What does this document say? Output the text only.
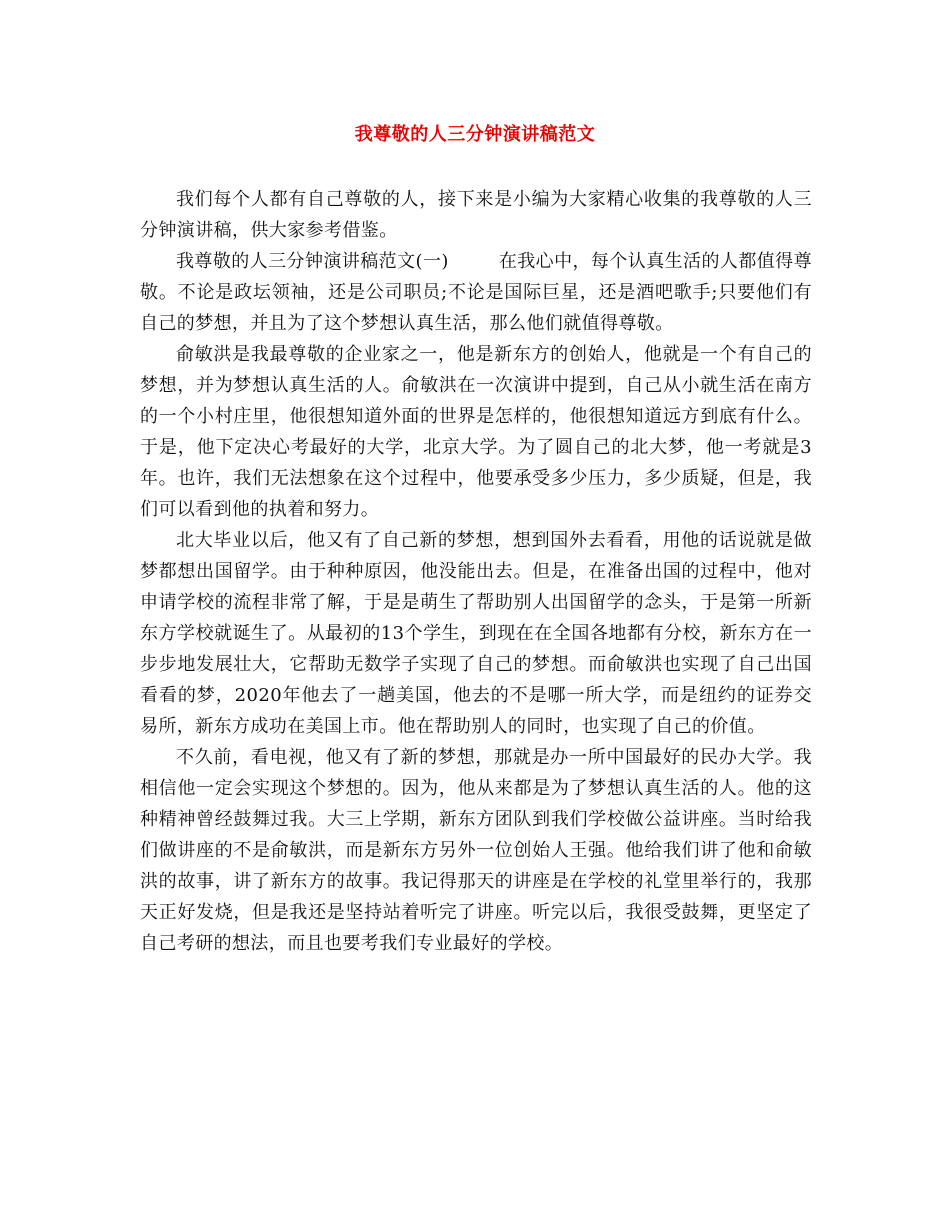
我尊敬的人三分钟演讲稿范文

我们每个人都有自己尊敬的人，接下来是小编为大家精心收集的我尊敬的人三分钟演讲稿，供大家参考借鉴。

我尊敬的人三分钟演讲稿范文(一)	在我心中，每个认真生活的人都值得尊敬。不论是政坛领袖，还是公司职员;不论是国际巨星，还是酒吧歌手;只要他们有自己的梦想，并且为了这个梦想认真生活，那么他们就值得尊敬。

俞敏洪是我最尊敬的企业家之一，他是新东方的创始人，他就是一个有自己的梦想，并为梦想认真生活的人。俞敏洪在一次演讲中提到，自己从小就生活在南方的一个小村庄里，他很想知道外面的世界是怎样的，他很想知道远方到底有什么。于是，他下定决心考最好的大学，北京大学。为了圆自己的北大梦，他一考就是3年。也许，我们无法想象在这个过程中，他要承受多少压力，多少质疑，但是，我们可以看到他的执着和努力。

北大毕业以后，他又有了自己新的梦想，想到国外去看看，用他的话说就是做梦都想出国留学。由于种种原因，他没能出去。但是，在准备出国的过程中，他对申请学校的流程非常了解，于是是萌生了帮助别人出国留学的念头，于是第一所新东方学校就诞生了。从最初的13个学生，到现在在全国各地都有分校，新东方在一步步地发展壮大，它帮助无数学子实现了自己的梦想。而俞敏洪也实现了自己出国看看的梦，2020年他去了一趟美国，他去的不是哪一所大学，而是纽约的证券交易所，新东方成功在美国上市。他在帮助别人的同时，也实现了自己的价值。

不久前，看电视，他又有了新的梦想，那就是办一所中国最好的民办大学。我相信他一定会实现这个梦想的。因为，他从来都是为了梦想认真生活的人。他的这种精神曾经鼓舞过我。大三上学期，新东方团队到我们学校做公益讲座。当时给我们做讲座的不是俞敏洪，而是新东方另外一位创始人王强。他给我们讲了他和俞敏洪的故事，讲了新东方的故事。我记得那天的讲座是在学校的礼堂里举行的，我那天正好发烧，但是我还是坚持站着听完了讲座。听完以后，我很受鼓舞，更坚定了自己考研的想法，而且也要考我们专业最好的学校。
